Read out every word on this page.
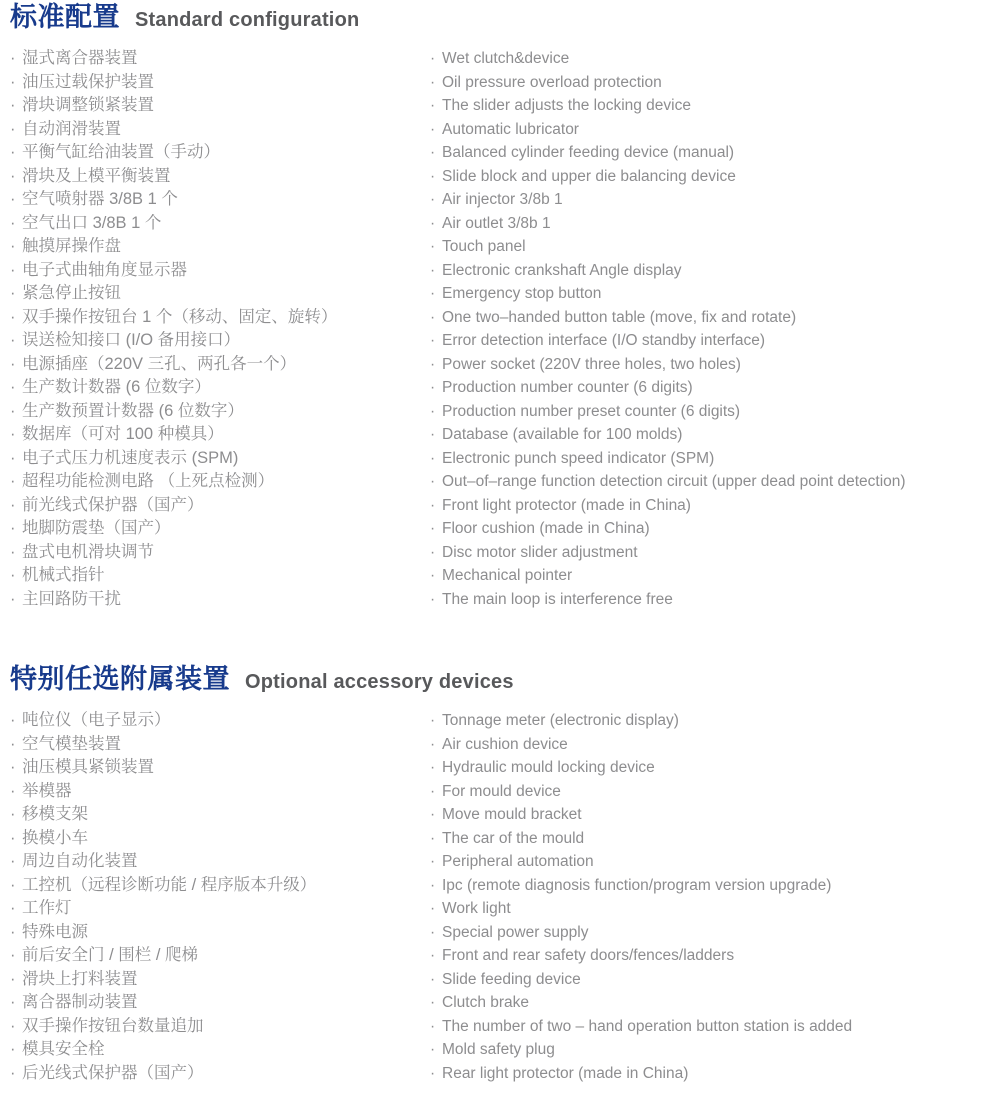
标准配置 Standard configuration
· 湿式离合器装置
· 油压过载保护装置
· 滑块调整锁紧装置
· 自动润滑装置
· 平衡气缸给油装置（手动）
· 滑块及上模平衡装置
· 空气喷射器 3/8B 1 个
· 空气出口 3/8B 1 个
· 触摸屏操作盘
· 电子式曲轴角度显示器
· 紧急停止按钮
· 双手操作按钮台 1 个（移动、固定、旋转）
· 误送检知接口 (I/O 备用接口）
· 电源插座（220V 三孔、两孔各一个）
· 生产数计数器 (6 位数字）
· 生产数预置计数器 (6 位数字）
· 数据库（可对 100 种模具）
· 电子式压力机速度表示 (SPM)
· 超程功能检测电路 （上死点检测）
· 前光线式保护器（国产）
· 地脚防震垫（国产）
· 盘式电机滑块调节
· 机械式指针
· 主回路防干扰
· Wet clutch&device
· Oil pressure overload protection
· The slider adjusts the locking device
· Automatic lubricator
· Balanced cylinder feeding device (manual)
· Slide block and upper die balancing device
· Air injector 3/8b 1
· Air outlet 3/8b 1
· Touch panel
· Electronic crankshaft Angle display
· Emergency stop button
· One two–handed button table (move, fix and rotate)
· Error detection interface (I/O standby interface)
· Power socket (220V three holes, two holes)
· Production number counter (6 digits)
· Production number preset counter (6 digits)
· Database (available for 100 molds)
· Electronic punch speed indicator (SPM)
· Out–of–range function detection circuit (upper dead point detection)
· Front light protector (made in China)
· Floor cushion (made in China)
· Disc motor slider adjustment
· Mechanical pointer
· The main loop is interference free
特别任选附属装置 Optional accessory devices
· 吨位仪（电子显示）
· 空气模垫装置
· 油压模具紧锁装置
· 举模器
· 移模支架
· 换模小车
· 周边自动化装置
· 工控机（远程诊断功能 / 程序版本升级）
· 工作灯
· 特殊电源
· 前后安全门 / 围栏 / 爬梯
· 滑块上打料装置
· 离合器制动装置
· 双手操作按钮台数量追加
· 模具安全栓
· 后光线式保护器（国产）
· Tonnage meter (electronic display)
· Air cushion device
· Hydraulic mould locking device
· For mould device
· Move mould bracket
· The car of the mould
· Peripheral automation
· Ipc (remote diagnosis function/program version upgrade)
· Work light
· Special power supply
· Front and rear safety doors/fences/ladders
· Slide feeding device
· Clutch brake
· The number of two – hand operation button station is added
· Mold safety plug
· Rear light protector (made in China)
